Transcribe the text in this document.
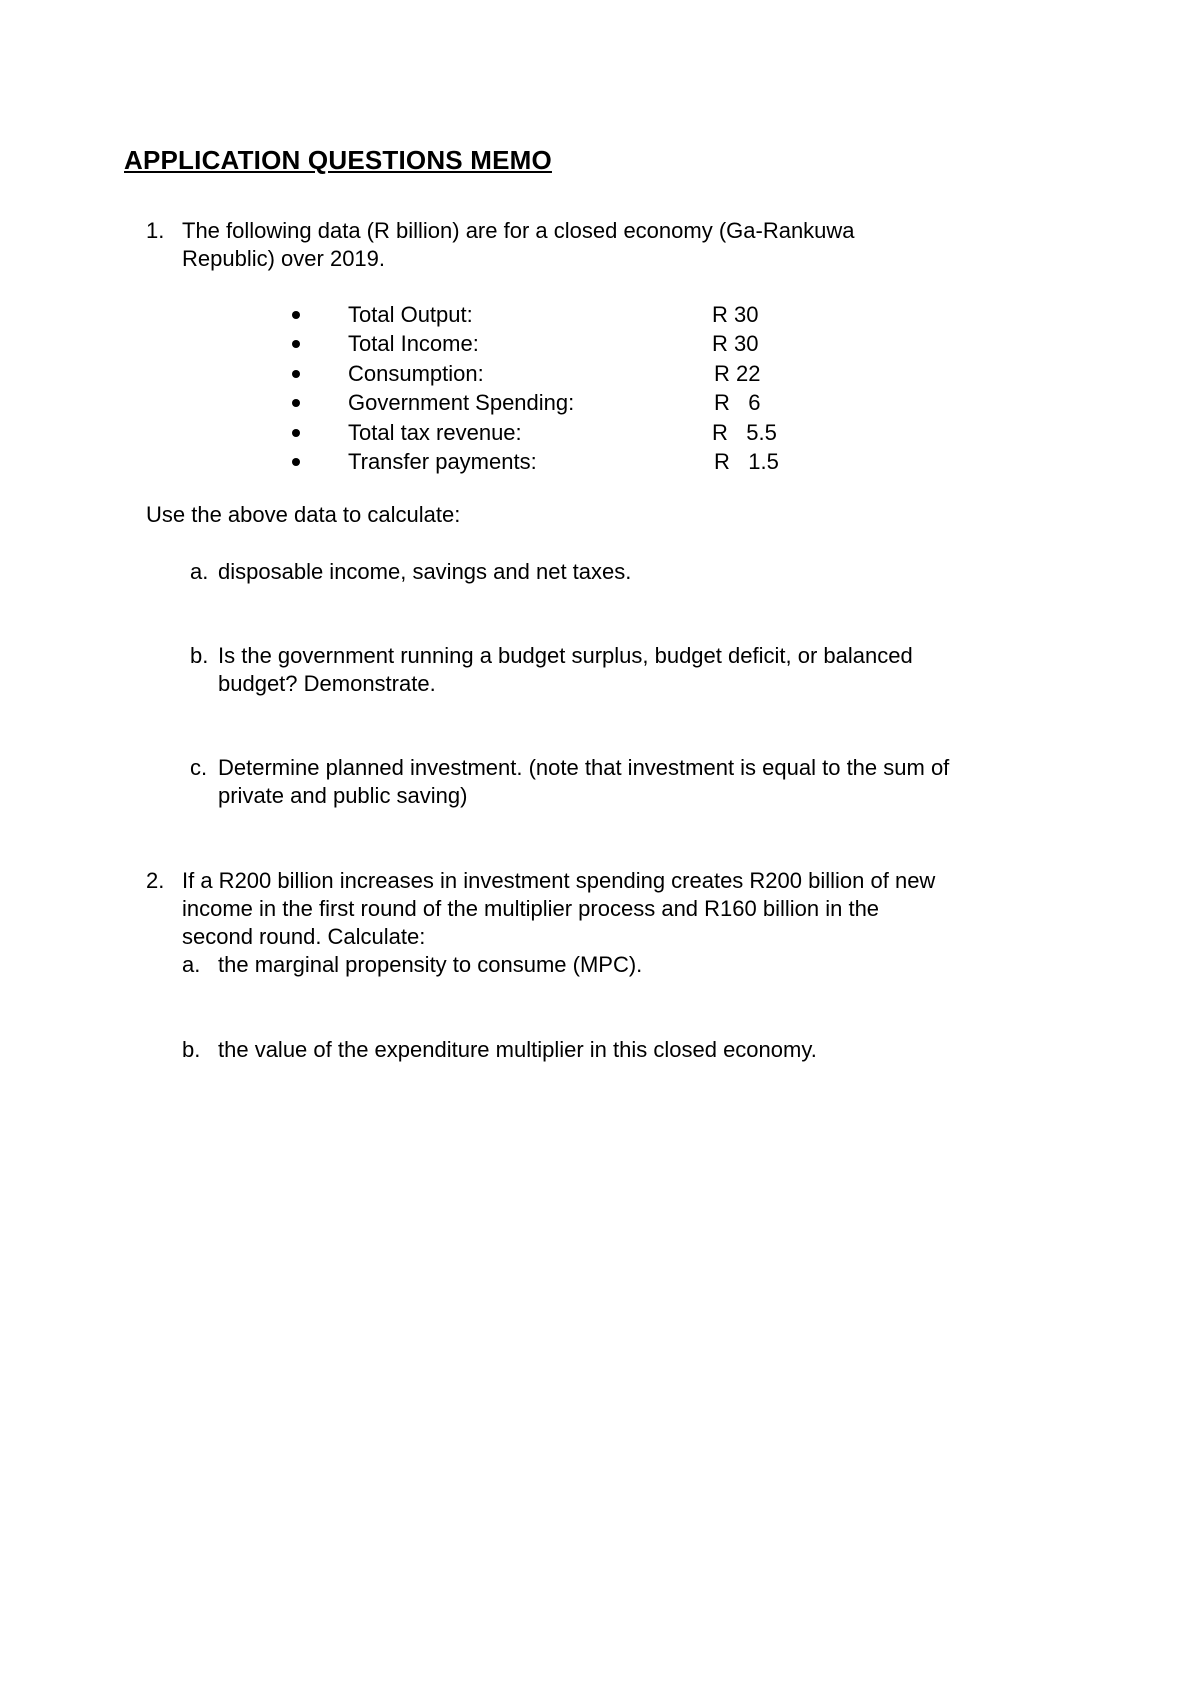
APPLICATION QUESTIONS MEMO
1. The following data (R billion) are for a closed economy (Ga-Rankuwa
Republic) over 2019.
Total Output:	R 30
Total Income:	R 30
Consumption:	R 22
Government Spending:	R   6
Total tax revenue:	R   5.5
Transfer payments:	R   1.5
Use the above data to calculate:
a. disposable income, savings and net taxes.
b. Is the government running a budget surplus, budget deficit, or balanced
budget? Demonstrate.
c. Determine planned investment. (note that investment is equal to the sum of
private and public saving)
2. If a R200 billion increases in investment spending creates R200 billion of new
income in the first round of the multiplier process and R160 billion in the
second round. Calculate:
a. the marginal propensity to consume (MPC).
b. the value of the expenditure multiplier in this closed economy.
